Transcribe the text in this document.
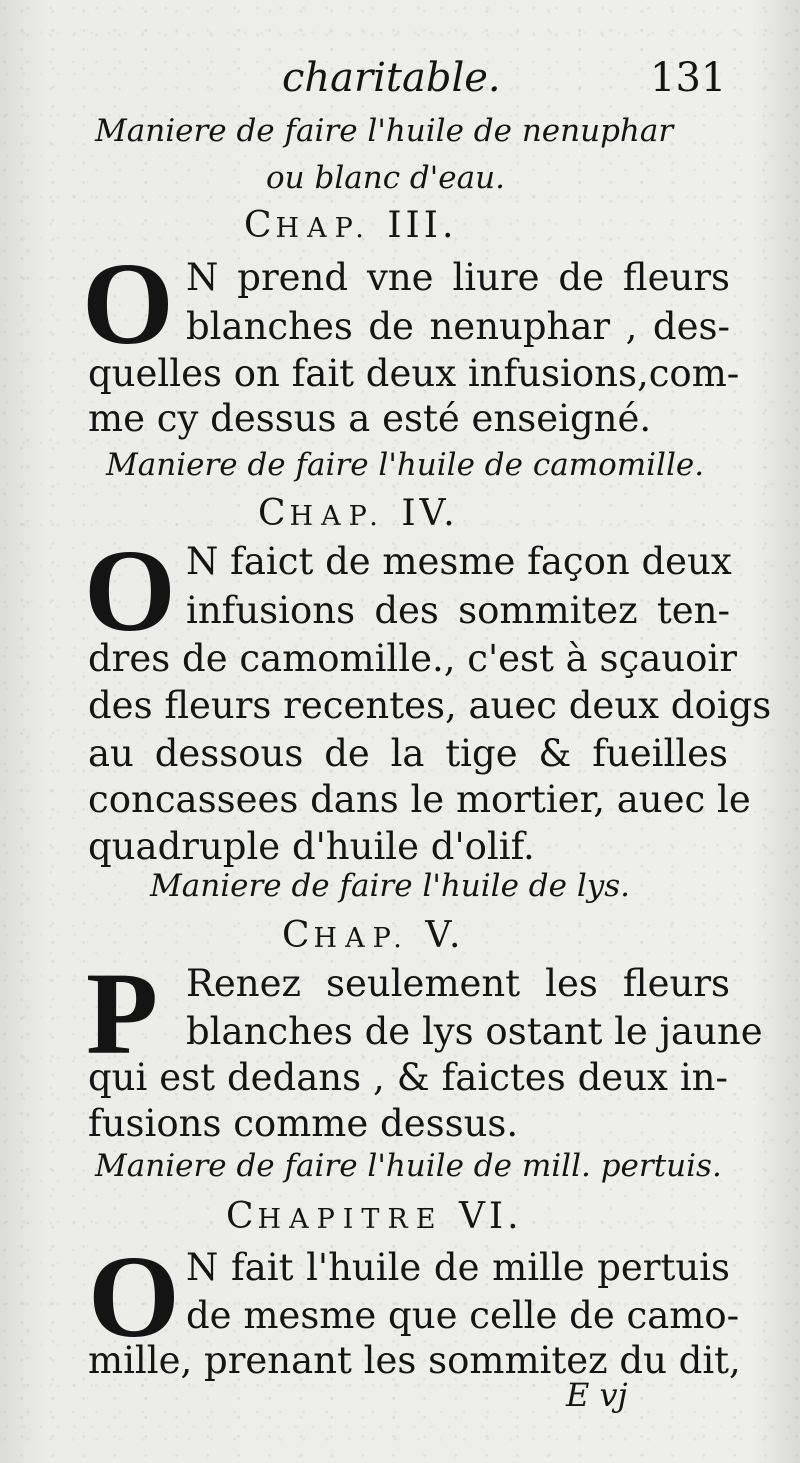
charitable.	131
Maniere de faire l'huile de nenuphar
ou blanc d'eau.
CHAP. III.
O N prend vne liure de fleurs
blanches de nenuphar , des-
quelles on fait deux infusions,com-
me cy dessus a esté enseigné.
Maniere de faire l'huile de camomille.
CHAP. IV.
O N faict de mesme façon deux
infusions des sommitez ten-
dres de camomille., c'est à sçauoir
des fleurs recentes, auec deux doigs
au dessous de la tige & fueilles
concassees dans le mortier, auec le
quadruple d'huile d'olif.
Maniere de faire l'huile de lys.
CHAP. V.
P Renez seulement les fleurs
blanches de lys ostant le jaune
qui est dedans , & faictes deux in-
fusions comme dessus.
Maniere de faire l'huile de mill. pertuis.
CHAPITRE VI.
O N fait l'huile de mille pertuis
de mesme que celle de camo-
mille, prenant les sommitez du dit,
E vj
